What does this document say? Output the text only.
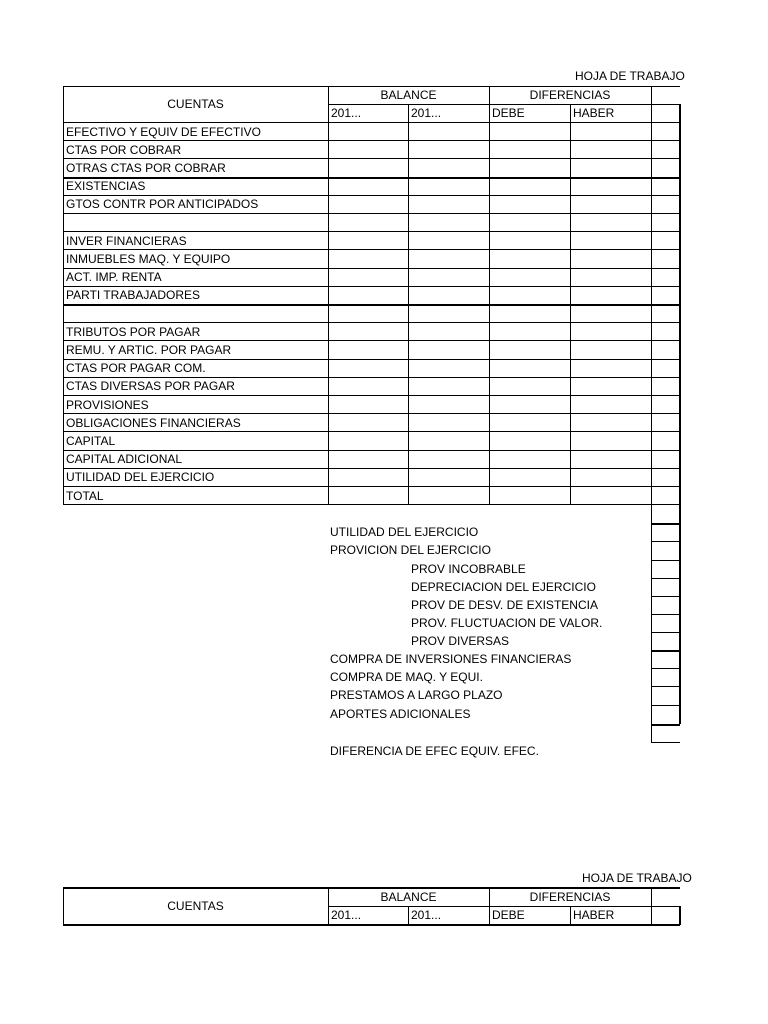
HOJA DE TRABAJO
CUENTAS
BALANCE	DIFERENCIAS
201...	201...	DEBE	HABER
EFECTIVO Y EQUIV DE EFECTIVO
CTAS POR COBRAR
OTRAS CTAS POR COBRAR
EXISTENCIAS
GTOS CONTR POR ANTICIPADOS
INVER FINANCIERAS
INMUEBLES MAQ. Y EQUIPO
ACT. IMP. RENTA
PARTI TRABAJADORES
TRIBUTOS POR PAGAR
REMU. Y ARTIC. POR PAGAR
CTAS POR PAGAR COM.
CTAS DIVERSAS POR PAGAR
PROVISIONES
OBLIGACIONES FINANCIERAS
CAPITAL
CAPITAL ADICIONAL
UTILIDAD DEL EJERCICIO
TOTAL
UTILIDAD DEL EJERCICIO
PROVICION DEL EJERCICIO
PROV INCOBRABLE
DEPRECIACION DEL EJERCICIO
PROV DE DESV. DE EXISTENCIA
PROV. FLUCTUACION DE VALOR.
PROV DIVERSAS
COMPRA DE INVERSIONES FINANCIERAS
COMPRA DE MAQ. Y EQUI.
PRESTAMOS A LARGO PLAZO
APORTES ADICIONALES
DIFERENCIA DE EFEC EQUIV. EFEC.
HOJA DE TRABAJO
CUENTAS
BALANCE	DIFERENCIAS
201...	201...	DEBE	HABER
